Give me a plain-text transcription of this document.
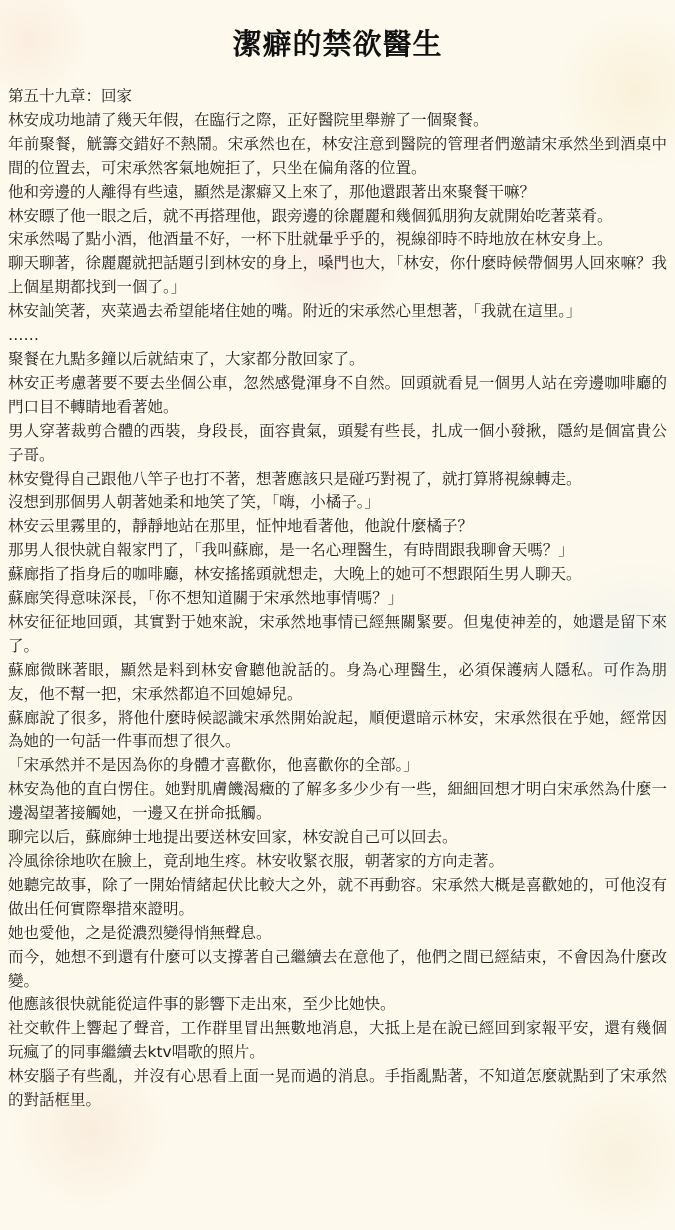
潔癖的禁欲醫生

第五十九章：回家

林安成功地請了幾天年假，在臨行之際，正好醫院里舉辦了一個聚餐。

年前聚餐，觥籌交錯好不熱鬧。宋承然也在，林安注意到醫院的管理者們邀請宋承然坐到酒桌中間的位置去，可宋承然客氣地婉拒了，只坐在偏角落的位置。

他和旁邊的人離得有些遠，顯然是潔癖又上來了，那他還跟著出來聚餐干嘛？

林安瞟了他一眼之后，就不再搭理他，跟旁邊的徐麗麗和幾個狐朋狗友就開始吃著菜肴。

宋承然喝了點小酒，他酒量不好，一杯下肚就暈乎乎的，視線卻時不時地放在林安身上。

聊天聊著，徐麗麗就把話題引到林安的身上，嗓門也大，「林安，你什麼時候帶個男人回來嘛？我上個星期都找到一個了。」

林安訕笑著，夾菜過去希望能堵住她的嘴。附近的宋承然心里想著，「我就在這里。」

……

聚餐在九點多鐘以后就結束了，大家都分散回家了。

林安正考慮著要不要去坐個公車，忽然感覺渾身不自然。回頭就看見一個男人站在旁邊咖啡廳的門口目不轉睛地看著她。

男人穿著裁剪合體的西裝，身段長，面容貴氣，頭髮有些長，扎成一個小發揪，隱約是個富貴公子哥。

林安覺得自己跟他八竿子也打不著，想著應該只是碰巧對視了，就打算將視線轉走。

沒想到那個男人朝著她柔和地笑了笑，「嗨，小橘子。」

林安云里霧里的，靜靜地站在那里，怔忡地看著他，他說什麼橘子？

那男人很快就自報家門了，「我叫蘇廊，是一名心理醫生，有時間跟我聊會天嗎？」

蘇廊指了指身后的咖啡廳，林安搖搖頭就想走，大晚上的她可不想跟陌生男人聊天。

蘇廊笑得意味深長，「你不想知道關于宋承然地事情嗎？」

林安征征地回頭，其實對于她來說，宋承然地事情已經無關緊要。但鬼使神差的，她還是留下來了。

蘇廊微眯著眼，顯然是料到林安會聽他說話的。身為心理醫生，必須保護病人隱私。可作為朋友，他不幫一把，宋承然都追不回媳婦兒。

蘇廊說了很多，將他什麼時候認識宋承然開始說起，順便還暗示林安，宋承然很在乎她，經常因為她的一句話一件事而想了很久。

「宋承然并不是因為你的身體才喜歡你，他喜歡你的全部。」

林安為他的直白愣住。她對肌膚饑渴癥的了解多多少少有一些，細細回想才明白宋承然為什麼一邊渴望著接觸她，一邊又在拼命抵觸。

聊完以后，蘇廊紳士地提出要送林安回家，林安說自己可以回去。

冷風徐徐地吹在臉上，竟刮地生疼。林安收緊衣服，朝著家的方向走著。

她聽完故事，除了一開始情緒起伏比較大之外，就不再動容。宋承然大概是喜歡她的，可他沒有做出任何實際舉措來證明。

她也愛他，之是從濃烈變得悄無聲息。

而今，她想不到還有什麼可以支撐著自己繼續去在意他了，他們之間已經結束，不會因為什麼改變。

他應該很快就能從這件事的影響下走出來，至少比她快。

社交軟件上響起了聲音，工作群里冒出無數地消息，大抵上是在說已經回到家報平安，還有幾個玩瘋了的同事繼續去ktv唱歌的照片。

林安腦子有些亂，并沒有心思看上面一晃而過的消息。手指亂點著，不知道怎麼就點到了宋承然的對話框里。
